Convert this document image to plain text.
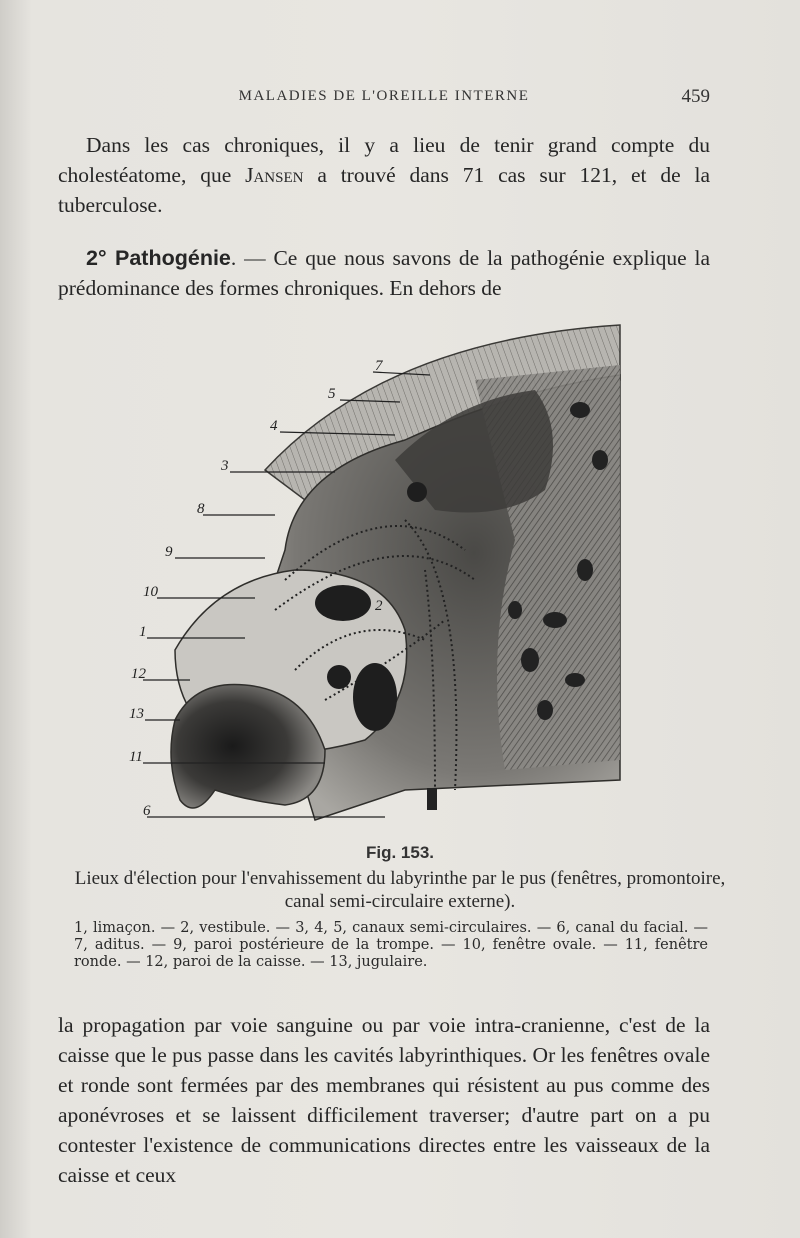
MALADIES DE L'OREILLE INTERNE	459

Dans les cas chroniques, il y a lieu de tenir grand compte du cholestéatome, que Jansen a trouvé dans 71 cas sur 121, et de la tuberculose.

2° Pathogénie. — Ce que nous savons de la pathogénie explique la prédominance des formes chroniques. En dehors de

7
5
4
3
8
9
10
1
12
13
11
6
2
Fig. 153.

Lieux d'élection pour l'envahissement du labyrinthe par le pus (fenêtres, promontoire, canal semi-circulaire externe).

1, limaçon. — 2, vestibule. — 3, 4, 5, canaux semi-circulaires. — 6, canal du facial. — 7, aditus. — 9, paroi postérieure de la trompe. — 10, fenêtre ovale. — 11, fenêtre ronde. — 12, paroi de la caisse. — 13, jugulaire.

la propagation par voie sanguine ou par voie intra-cranienne, c'est de la caisse que le pus passe dans les cavités labyrinthiques. Or les fenêtres ovale et ronde sont fermées par des membranes qui résistent au pus comme des aponévroses et se laissent difficilement traverser; d'autre part on a pu contester l'existence de communications directes entre les vaisseaux de la caisse et ceux
